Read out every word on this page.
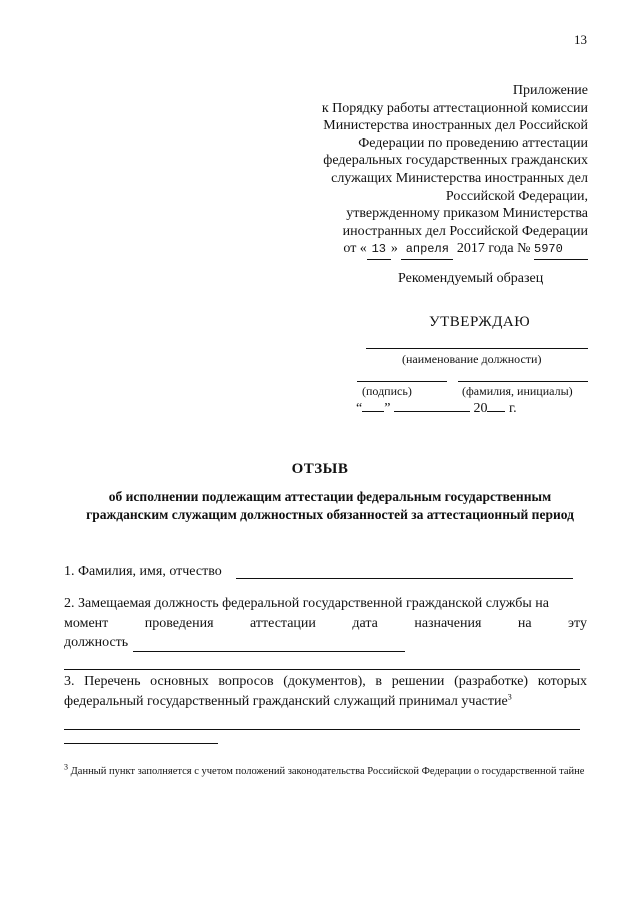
13
Приложение
к Порядку работы аттестационной комиссии
Министерства иностранных дел Российской
Федерации по проведению аттестации
федеральных государственных гражданских
служащих Министерства иностранных дел
Российской Федерации,
утвержденному приказом Министерства
иностранных дел Российской Федерации
от « 13 » апреля 2017 года № 5970
Рекомендуемый образец
УТВЕРЖДАЮ
(наименование должности)
(подпись)	(фамилия, инициалы)
“ ”	20 г.
ОТЗЫВ
об исполнении подлежащим аттестации федеральным государственным гражданским служащим должностных обязанностей за аттестационный период
1. Фамилия, имя, отчество
2. Замещаемая должность федеральной государственной гражданской службы на
момент проведения аттестации дата назначения на эту
должность
3. Перечень основных вопросов (документов), в решении (разработке) которых федеральный государственный гражданский служащий принимал участие$^3$
$^3$ Данный пункт заполняется с учетом положений законодательства Российской Федерации о государственной тайне
